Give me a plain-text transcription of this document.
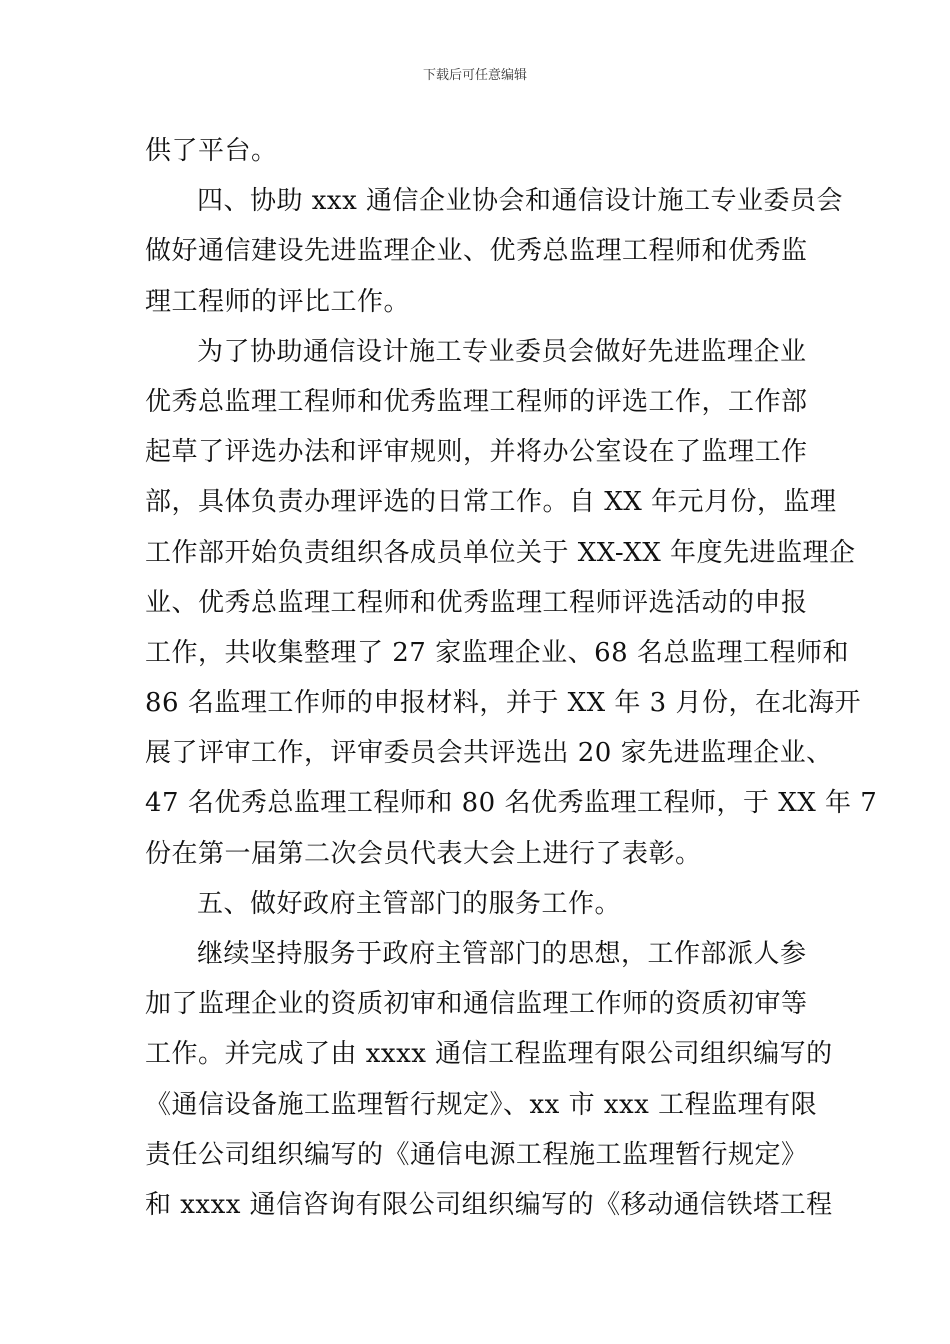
下载后可任意编辑
供了平台。
四、协助 xxx 通信企业协会和通信设计施工专业委员会
做好通信建设先进监理企业、优秀总监理工程师和优秀监
理工程师的评比工作。
为了协助通信设计施工专业委员会做好先进监理企业
优秀总监理工程师和优秀监理工程师的评选工作，工作部
起草了评选办法和评审规则，并将办公室设在了监理工作
部，具体负责办理评选的日常工作。自 XX 年元月份，监理
工作部开始负责组织各成员单位关于 XX-XX 年度先进监理企
业、优秀总监理工程师和优秀监理工程师评选活动的申报
工作，共收集整理了 27 家监理企业、68 名总监理工程师和
86 名监理工作师的申报材料，并于 XX 年 3 月份，在北海开
展了评审工作，评审委员会共评选出 20 家先进监理企业、
47 名优秀总监理工程师和 80 名优秀监理工程师，于 XX 年 7
份在第一届第二次会员代表大会上进行了表彰。
五、做好政府主管部门的服务工作。
继续坚持服务于政府主管部门的思想，工作部派人参
加了监理企业的资质初审和通信监理工作师的资质初审等
工作。并完成了由 xxxx 通信工程监理有限公司组织编写的
《通信设备施工监理暂行规定》、xx 市 xxx 工程监理有限
责任公司组织编写的《通信电源工程施工监理暂行规定》
和 xxxx 通信咨询有限公司组织编写的《移动通信铁塔工程
